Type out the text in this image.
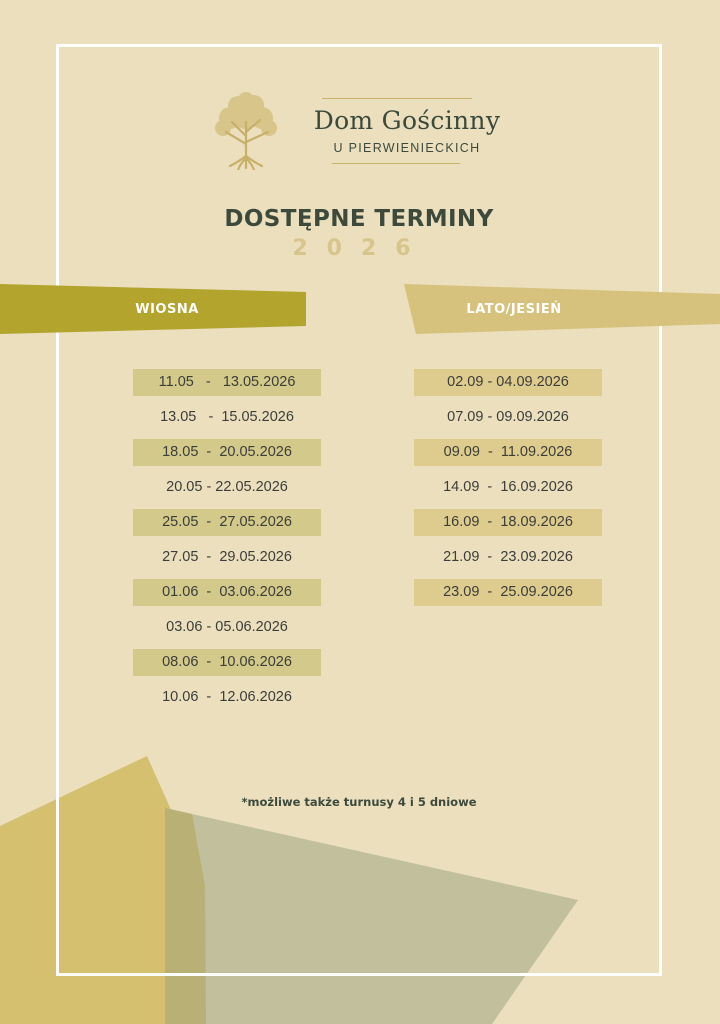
Dom Gościnny
U PIERWIENIECKICH
DOSTĘPNE TERMINY
2026
WIOSNA	LATO/JESIEŃ
11.05   -   13.05.2026
13.05   -  15.05.2026
18.05  -  20.05.2026
20.05 - 22.05.2026
25.05  -  27.05.2026
27.05  -  29.05.2026
01.06  -  03.06.2026
03.06 - 05.06.2026
08.06  -  10.06.2026
10.06  -  12.06.2026
02.09 - 04.09.2026
07.09 - 09.09.2026
09.09  -  11.09.2026
14.09  -  16.09.2026
16.09  -  18.09.2026
21.09  -  23.09.2026
23.09  -  25.09.2026
*możliwe także turnusy 4 i 5 dniowe
